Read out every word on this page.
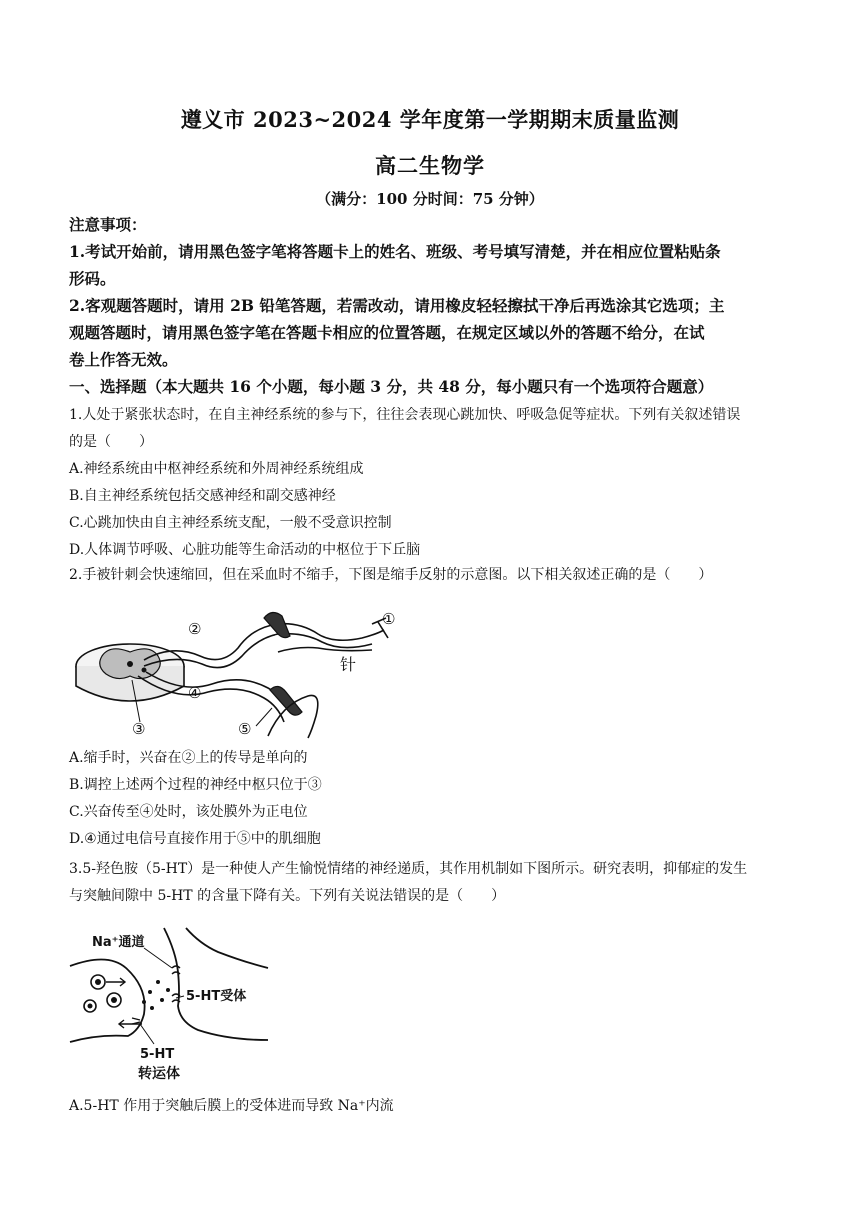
遵义市 2023~2024 学年度第一学期期末质量监测
高二生物学
（满分：100 分时间：75 分钟）

注意事项：

1.考试开始前，请用黑色签字笔将答题卡上的姓名、班级、考号填写清楚，并在相应位置粘贴条

形码。

2.客观题答题时，请用 2B 铅笔答题，若需改动，请用橡皮轻轻擦拭干净后再选涂其它选项；主

观题答题时，请用黑色签字笔在答题卡相应的位置答题，在规定区域以外的答题不给分，在试

卷上作答无效。

一、选择题（本大题共 16 个小题，每小题 3 分，共 48 分，每小题只有一个选项符合题意）

1.人处于紧张状态时，在自主神经系统的参与下，往往会表现心跳加快、呼吸急促等症状。下列有关叙述错误

的是（　　）

A.神经系统由中枢神经系统和外周神经系统组成

B.自主神经系统包括交感神经和副交感神经

C.心跳加快由自主神经系统支配，一般不受意识控制

D.人体调节呼吸、心脏功能等生命活动的中枢位于下丘脑

2.手被针刺会快速缩回，但在采血时不缩手，下图是缩手反射的示意图。以下相关叙述正确的是（　　）

②
①
针
④
③	⑤

A.缩手时，兴奋在②上的传导是单向的

B.调控上述两个过程的神经中枢只位于③

C.兴奋传至④处时，该处膜外为正电位

D.④通过电信号直接作用于⑤中的肌细胞

3.5-羟色胺（5-HT）是一种使人产生愉悦情绪的神经递质，其作用机制如下图所示。研究表明，抑郁症的发生

与突触间隙中 5-HT 的含量下降有关。下列有关说法错误的是（　　）

Na⁺通道
5-HT受体
5-HT
转运体

A.5-HT 作用于突触后膜上的受体进而导致 Na⁺内流
